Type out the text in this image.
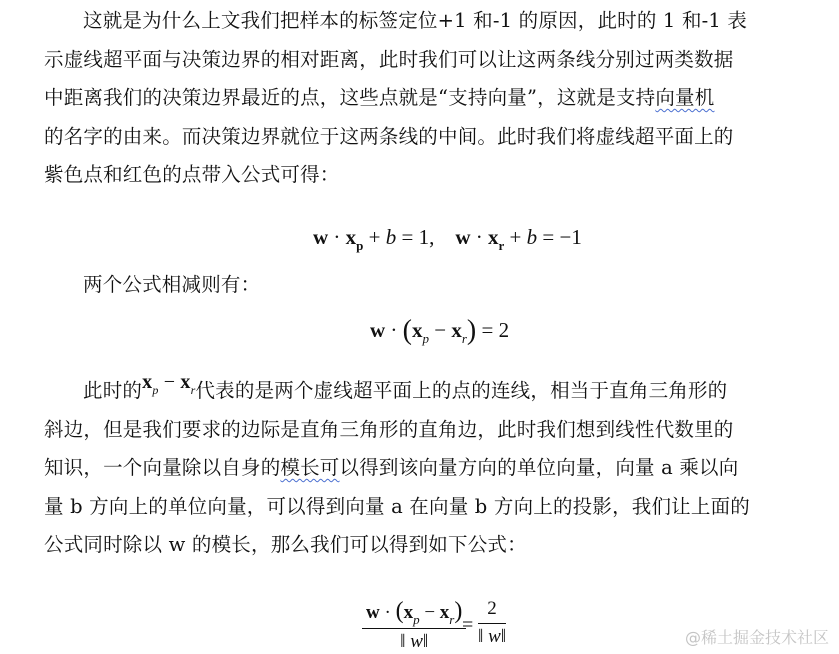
这就是为什么上文我们把样本的标签定位+1 和-1 的原因，此时的 1 和-1 表
示虚线超平面与决策边界的相对距离，此时我们可以让这两条线分别过两类数据
中距离我们的决策边界最近的点，这些点就是“支持向量”，这就是支持向量机
的名字的由来。而决策边界就位于这两条线的中间。此时我们将虚线超平面上的
紫色点和红色的点带入公式可得：
$w \cdot x_p + b = 1$, $w \cdot x_r + b = -1$
两个公式相减则有：
$w \cdot (x_p - x_r) = 2$
此时的$x_p - x_r$代表的是两个虚线超平面上的点的连线，相当于直角三角形的
斜边，但是我们要求的边际是直角三角形的直角边，此时我们想到线性代数里的
知识，一个向量除以自身的模长可以得到该向量方向的单位向量，向量 a 乘以向
量 b 方向上的单位向量，可以得到向量 a 在向量 b 方向上的投影，我们让上面的
公式同时除以 w 的模长，那么我们可以得到如下公式：
$\frac{w \cdot (x_p - x_r)}{‖ w‖}$
= $\frac{2}{‖ w‖}$	@稀土掘金技术社区
